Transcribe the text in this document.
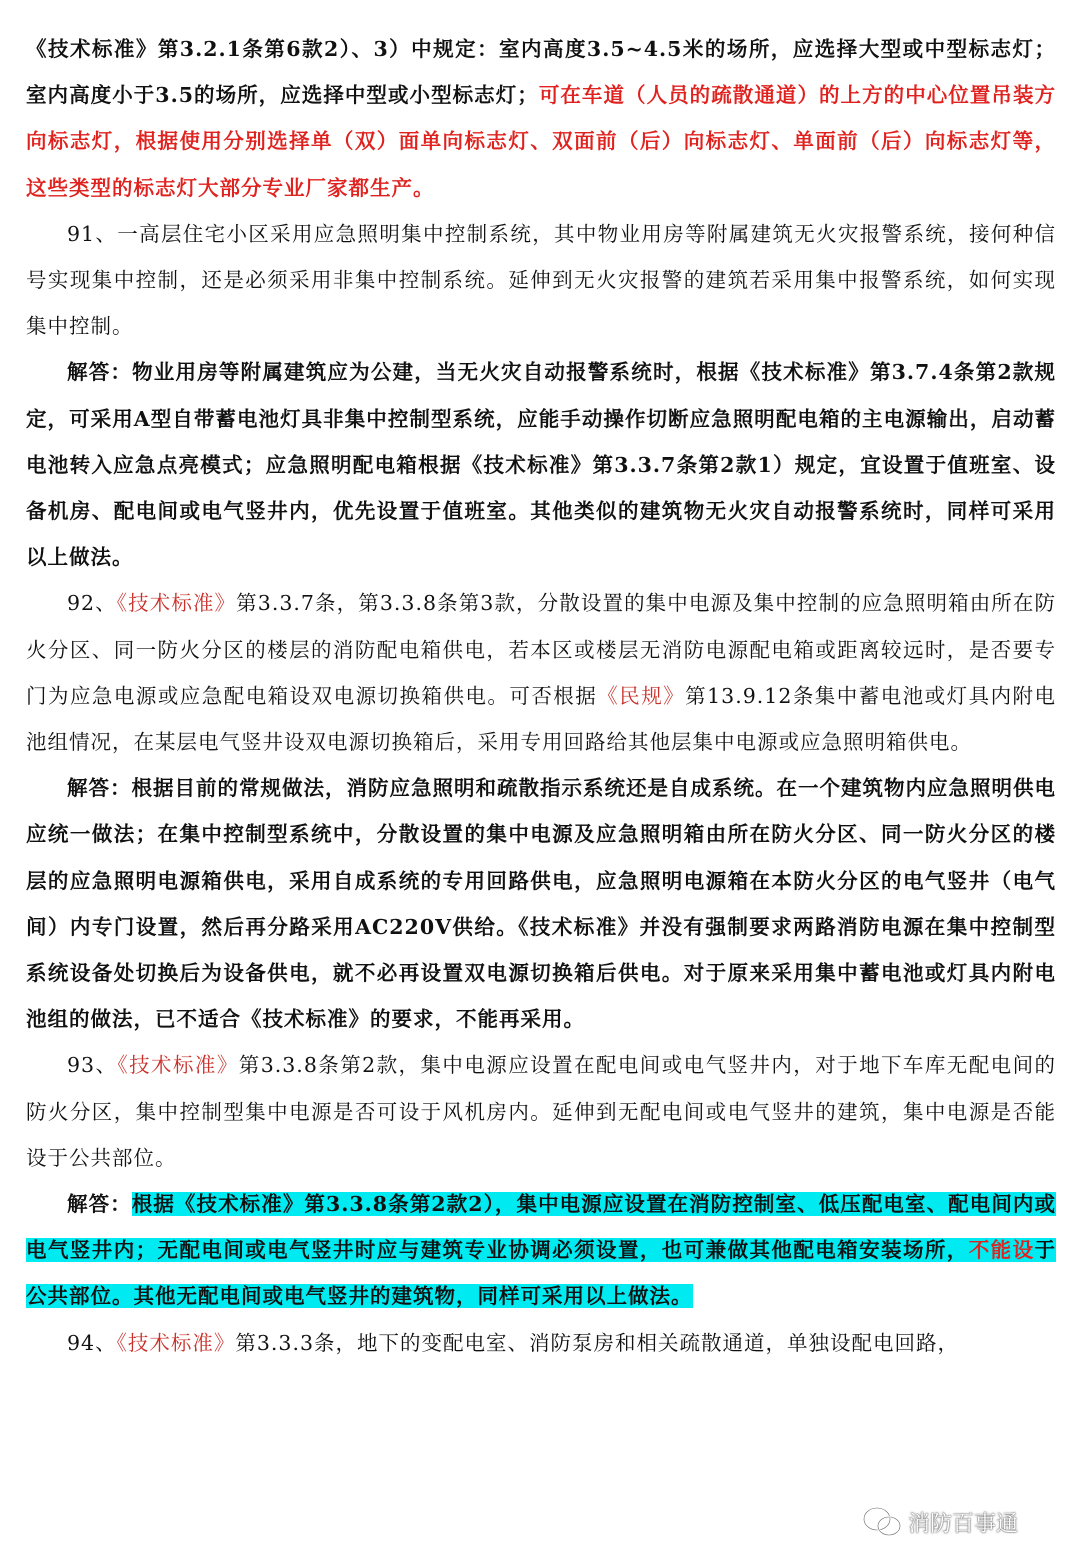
《技术标准》第3.2.1条第6款2）、3）中规定：室内高度3.5~4.5米的场所，应选择大型或中型标志灯；室内高度小于3.5的场所，应选择中型或小型标志灯；可在车道（人员的疏散通道）的上方的中心位置吊装方向标志灯，根据使用分别选择单（双）面单向标志灯、双面前（后）向标志灯、单面前（后）向标志灯等，这些类型的标志灯大部分专业厂家都生产。

91、一高层住宅小区采用应急照明集中控制系统，其中物业用房等附属建筑无火灾报警系统，接何种信号实现集中控制，还是必须采用非集中控制系统。延伸到无火灾报警的建筑若采用集中报警系统，如何实现集中控制。

解答：物业用房等附属建筑应为公建，当无火灾自动报警系统时，根据《技术标准》第3.7.4条第2款规定，可采用A型自带蓄电池灯具非集中控制型系统，应能手动操作切断应急照明配电箱的主电源输出，启动蓄电池转入应急点亮模式；应急照明配电箱根据《技术标准》第3.3.7条第2款1）规定，宜设置于值班室、设备机房、配电间或电气竖井内，优先设置于值班室。其他类似的建筑物无火灾自动报警系统时，同样可采用以上做法。

92、《技术标准》第3.3.7条，第3.3.8条第3款，分散设置的集中电源及集中控制的应急照明箱由所在防火分区、同一防火分区的楼层的消防配电箱供电，若本区或楼层无消防电源配电箱或距离较远时，是否要专门为应急电源或应急配电箱设双电源切换箱供电。可否根据《民规》第13.9.12条集中蓄电池或灯具内附电池组情况，在某层电气竖井设双电源切换箱后，采用专用回路给其他层集中电源或应急照明箱供电。

解答：根据目前的常规做法，消防应急照明和疏散指示系统还是自成系统。在一个建筑物内应急照明供电应统一做法；在集中控制型系统中，分散设置的集中电源及应急照明箱由所在防火分区、同一防火分区的楼层的应急照明电源箱供电，采用自成系统的专用回路供电，应急照明电源箱在本防火分区的电气竖井（电气间）内专门设置，然后再分路采用AC220V供给。《技术标准》并没有强制要求两路消防电源在集中控制型系统设备处切换后为设备供电，就不必再设置双电源切换箱后供电。对于原来采用集中蓄电池或灯具内附电池组的做法，已不适合《技术标准》的要求，不能再采用。

93、《技术标准》第3.3.8条第2款，集中电源应设置在配电间或电气竖井内，对于地下车库无配电间的防火分区，集中控制型集中电源是否可设于风机房内。延伸到无配电间或电气竖井的建筑，集中电源是否能设于公共部位。

解答：根据《技术标准》第3.3.8条第2款2），集中电源应设置在消防控制室、低压配电室、配电间内或电气竖井内；无配电间或电气竖井时应与建筑专业协调必须设置，也可兼做其他配电箱安装场所，不能设于公共部位。其他无配电间或电气竖井的建筑物，同样可采用以上做法。

94、《技术标准》第3.3.3条，地下的变配电室、消防泵房和相关疏散通道，单独设配电回路，

消防百事通
